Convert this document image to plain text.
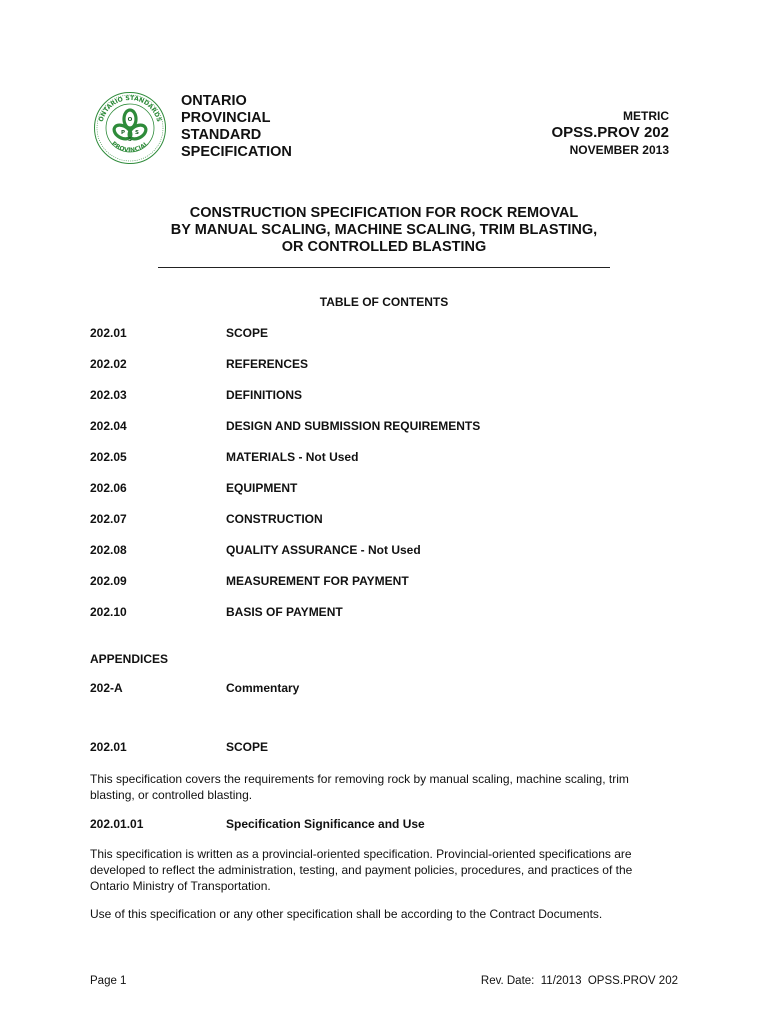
ONTARIO STANDARDS
PROVINCIAL
O
P S
S
ONTARIO
PROVINCIAL
STANDARD
SPECIFICATION
METRIC
OPSS.PROV 202
NOVEMBER 2013
CONSTRUCTION SPECIFICATION FOR ROCK REMOVAL
BY MANUAL SCALING, MACHINE SCALING, TRIM BLASTING,
OR CONTROLLED BLASTING
TABLE OF CONTENTS
202.01	SCOPE
202.02	REFERENCES
202.03	DEFINITIONS
202.04	DESIGN AND SUBMISSION REQUIREMENTS
202.05	MATERIALS - Not Used
202.06	EQUIPMENT
202.07	CONSTRUCTION
202.08	QUALITY ASSURANCE - Not Used
202.09	MEASUREMENT FOR PAYMENT
202.10	BASIS OF PAYMENT
APPENDICES
202-A	Commentary
202.01	SCOPE
This specification covers the requirements for removing rock by manual scaling, machine scaling, trim
blasting, or controlled blasting.
202.01.01	Specification Significance and Use
This specification is written as a provincial-oriented specification. Provincial-oriented specifications are
developed to reflect the administration, testing, and payment policies, procedures, and practices of the
Ontario Ministry of Transportation.
Use of this specification or any other specification shall be according to the Contract Documents.
Page 1	Rev. Date:  11/2013  OPSS.PROV 202
